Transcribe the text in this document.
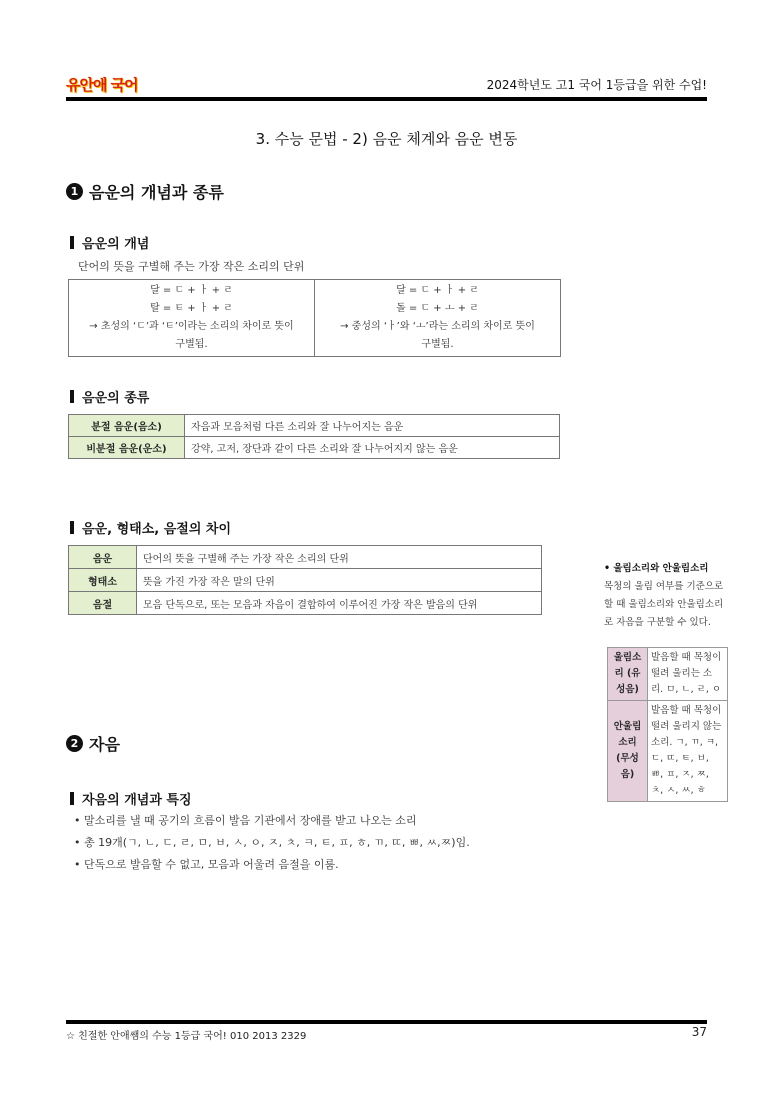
유안애 국어	2024학년도 고1 국어 1등급을 위한 수업!
3. 수능 문법 - 2) 음운 체계와 음운 변동
1 음운의 개념과 종류
음운의 개념
단어의 뜻을 구별해 주는 가장 작은 소리의 단위
달 = ㄷ + ㅏ + ㄹ
탈 = ㅌ + ㅏ + ㄹ
→ 초성의 ‘ㄷ’과 ‘ㅌ’이라는 소리의 차이로 뜻이
구별됨.

달 = ㄷ + ㅏ + ㄹ
돌 = ㄷ + ㅗ + ㄹ
→ 중성의 ‘ㅏ’와 ‘ㅗ’라는 소리의 차이로 뜻이
구별됨.
음운의 종류
분절 음운(음소)	자음과 모음처럼 다른 소리와 잘 나누어지는 음운
비분절 음운(운소)	강약, 고저, 장단과 같이 다른 소리와 잘 나누어지지 않는 음운
음운, 형태소, 음절의 차이
음운	단어의 뜻을 구별해 주는 가장 작은 소리의 단위
형태소	뜻을 가진 가장 작은 말의 단위
음절	모음 단독으로, 또는 모음과 자음이 결합하여 이루어진 가장 작은 발음의 단위
• 울림소리와 안울림소리
목청의 울림 여부를 기준으로 할 때 울림소리와 안울림소리로 자음을 구분할 수 있다.
울림소리 (유성음)	발음할 때 목청이 떨려 울리는 소리. ㅁ, ㄴ, ㄹ, ㅇ
안울림소리 (무성음)	발음할 때 목청이 떨려 울리지 않는 소리. ㄱ, ㄲ, ㅋ, ㄷ, ㄸ, ㅌ, ㅂ, ㅃ, ㅍ, ㅈ, ㅉ, ㅊ, ㅅ, ㅆ, ㅎ
2 자음
자음의 개념과 특징
• 말소리를 낼 때 공기의 흐름이 발음 기관에서 장애를 받고 나오는 소리
• 총 19개(ㄱ, ㄴ, ㄷ, ㄹ, ㅁ, ㅂ, ㅅ, ㅇ, ㅈ, ㅊ, ㅋ, ㅌ, ㅍ, ㅎ, ㄲ, ㄸ, ㅃ, ㅆ,ㅉ)임.
• 단독으로 발음할 수 없고, 모음과 어울려 음절을 이룸.
☆ 친절한 안애쌤의 수능 1등급 국어! 010 2013 2329	37
